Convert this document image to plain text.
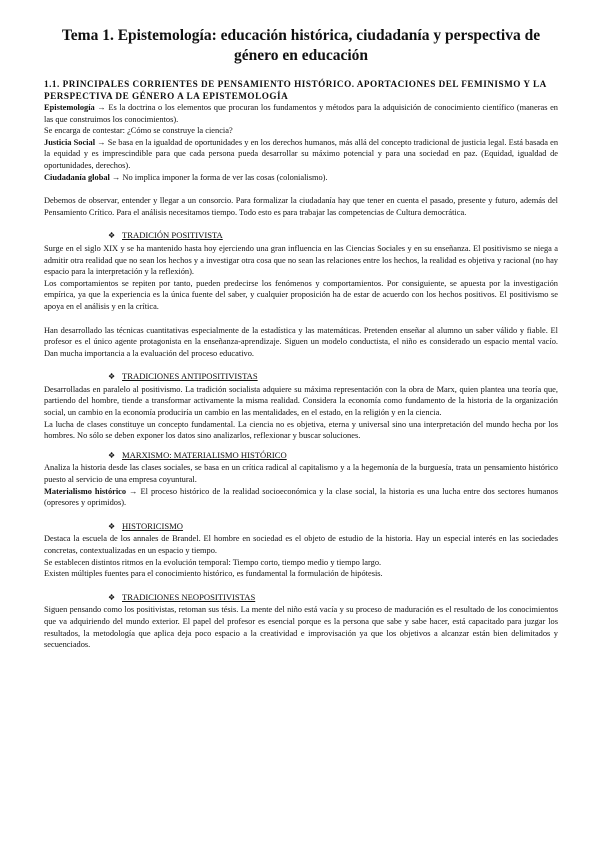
Tema 1. Epistemología: educación histórica, ciudadanía y perspectiva de género en educación
1.1. PRINCIPALES CORRIENTES DE PENSAMIENTO HISTÓRICO. APORTACIONES DEL FEMINISMO Y LA PERSPECTIVA DE GÉNERO A LA EPISTEMOLOGÍA

Epistemología → Es la doctrina o los elementos que procuran los fundamentos y métodos para la adquisición de conocimiento científico (maneras en las que construimos los conocimientos).

Se encarga de contestar: ¿Cómo se construye la ciencia?

Justicia Social → Se basa en la igualdad de oportunidades y en los derechos humanos, más allá del concepto tradicional de justicia legal. Está basada en la equidad y es imprescindible para que cada persona pueda desarrollar su máximo potencial y para una sociedad en paz. (Equidad, igualdad de oportunidades, derechos).

Ciudadanía global → No implica imponer la forma de ver las cosas (colonialismo).

Debemos de observar, entender y llegar a un consorcio. Para formalizar la ciudadanía hay que tener en cuenta el pasado, presente y futuro, además del Pensamiento Crítico. Para el análisis necesitamos tiempo. Todo esto es para trabajar las competencias de Cultura democrática.

❖ TRADICIÓN POSITIVISTA

Surge en el siglo XIX y se ha mantenido hasta hoy ejerciendo una gran influencia en las Ciencias Sociales y en su enseñanza. El positivismo se niega a admitir otra realidad que no sean los hechos y a investigar otra cosa que no sean las relaciones entre los hechos, la realidad es objetiva y racional (no hay espacio para la interpretación y la reflexión).

Los comportamientos se repiten por tanto, pueden predecirse los fenómenos y comportamientos. Por consiguiente, se apuesta por la investigación empírica, ya que la experiencia es la única fuente del saber, y cualquier proposición ha de estar de acuerdo con los hechos positivos. El positivismo se apoya en el análisis y en la crítica.

Han desarrollado las técnicas cuantitativas especialmente de la estadística y las matemáticas. Pretenden enseñar al alumno un saber válido y fiable. El profesor es el único agente protagonista en la enseñanza-aprendizaje. Siguen un modelo conductista, el niño es considerado un espacio mental vacío. Dan mucha importancia a la evaluación del proceso educativo.

❖ TRADICIONES ANTIPOSITIVISTAS

Desarrolladas en paralelo al positivismo. La tradición socialista adquiere su máxima representación con la obra de Marx, quien plantea una teoría que, partiendo del hombre, tiende a transformar activamente la misma realidad. Considera la economía como fundamento de la historia de la organización social, un cambio en la economía produciría un cambio en las mentalidades, en el estado, en la religión y en la ciencia.

La lucha de clases constituye un concepto fundamental. La ciencia no es objetiva, eterna y universal sino una interpretación del mundo hecha por los hombres. No sólo se deben exponer los datos sino analizarlos, reflexionar y buscar soluciones.

❖ MARXISMO: MATERIALISMO HISTÓRICO

Analiza la historia desde las clases sociales, se basa en un crítica radical al capitalismo y a la hegemonía de la burguesía, trata un pensamiento histórico puesto al servicio de una empresa coyuntural.

Materialismo histórico → El proceso histórico de la realidad socioeconómica y la clase social, la historia es una lucha entre dos sectores humanos (opresores y oprimidos).

❖ HISTORICISMO

Destaca la escuela de los annales de Brandel. El hombre en sociedad es el objeto de estudio de la historia. Hay un especial interés en las sociedades concretas, contextualizadas en un espacio y tiempo.

Se establecen distintos ritmos en la evolución temporal: Tiempo corto, tiempo medio y tiempo largo.

Existen múltiples fuentes para el conocimiento histórico, es fundamental la formulación de hipótesis.

❖ TRADICIONES NEOPOSITIVISTAS

Siguen pensando como los positivistas, retoman sus tésis. La mente del niño está vacía y su proceso de maduración es el resultado de los conocimientos que va adquiriendo del mundo exterior. El papel del profesor es esencial porque es la persona que sabe y sabe hacer, está capacitado para juzgar los resultados, la metodología que aplica deja poco espacio a la creatividad e improvisación ya que los objetivos a alcanzar están bien delimitados y secuenciados.
